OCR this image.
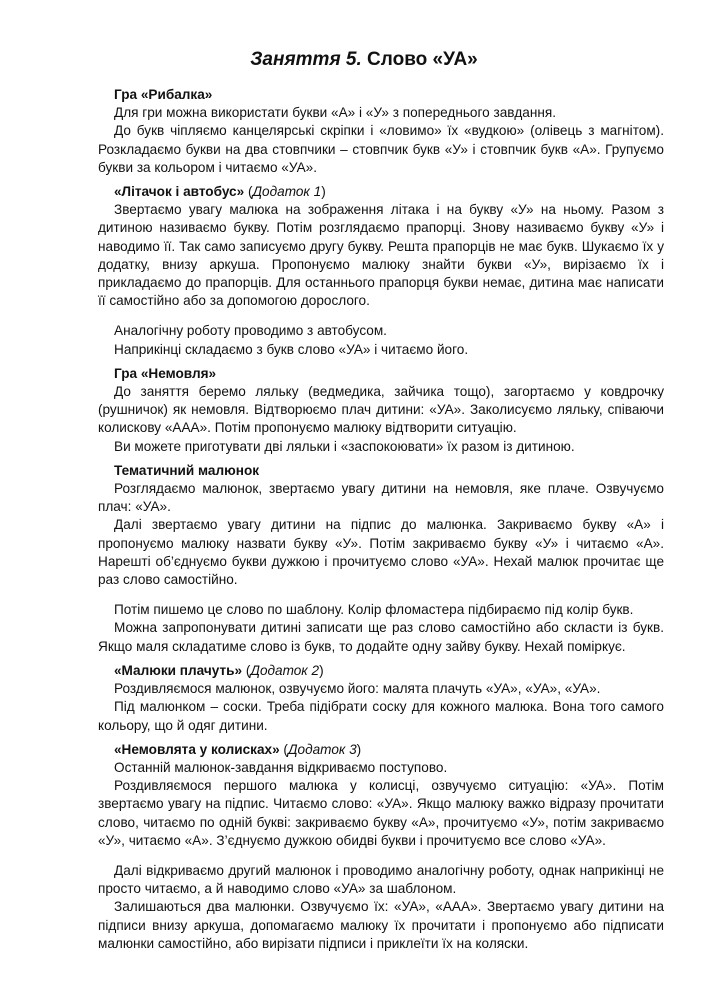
Заняття 5. Слово «УА»

Гра «Рибалка»

Для гри можна використати букви «А» і «У» з попереднього завдання.

До букв чіпляємо канцелярські скріпки і «ловимо» їх «вудкою» (олівець з магнітом). Розкладаємо букви на два стовпчики – стовпчик букв «У» і стовпчик букв «А». Групуємо букви за кольором і читаємо «УА».

«Літачок і автобус» (Додаток 1)

Звертаємо увагу малюка на зображення літака і на букву «У» на ньому. Разом з дитиною називаємо букву. Потім розглядаємо прапорці. Знову називаємо букву «У» і наводимо її. Так само записуємо другу букву. Решта прапорців не має букв. Шукаємо їх у додатку, внизу аркуша. Пропонуємо малюку знайти букви «У», вирізаємо їх і прикладаємо до прапорців. Для останнього прапорця букви немає, дитина має написати її самостійно або за допомогою дорослого.

Аналогічну роботу проводимо з автобусом.

Наприкінці складаємо з букв слово «УА» і читаємо його.

Гра «Немовля»

До заняття беремо ляльку (ведмедика, зайчика тощо), загортаємо у ковдрочку (рушничок) як немовля. Відтворюємо плач дитини: «УА». Заколисуємо ляльку, співаючи колискову «ААА». Потім пропонуємо малюку відтворити ситуацію.

Ви можете приготувати дві ляльки і «заспокоювати» їх разом із дитиною.

Тематичний малюнок

Розглядаємо малюнок, звертаємо увагу дитини на немовля, яке плаче. Озвучуємо плач: «УА».

Далі звертаємо увагу дитини на підпис до малюнка. Закриваємо букву «А» і пропонуємо малюку назвати букву «У». Потім закриваємо букву «У» і читаємо «А». Нарешті об’єднуємо букви дужкою і прочитуємо слово «УА». Нехай малюк прочитає ще раз слово самостійно.

Потім пишемо це слово по шаблону. Колір фломастера підбираємо під колір букв.

Можна запропонувати дитині записати ще раз слово самостійно або скласти із букв. Якщо маля складатиме слово із букв, то додайте одну зайву букву. Нехай поміркує.

«Малюки плачуть» (Додаток 2)

Роздивляємося малюнок, озвучуємо його: малята плачуть «УА», «УА», «УА».

Під малюнком – соски. Треба підібрати соску для кожного малюка. Вона того самого кольору, що й одяг дитини.

«Немовлята у колисках» (Додаток 3)

Останній малюнок-завдання відкриваємо поступово.

Роздивляємося першого малюка у колисці, озвучуємо ситуацію: «УА». Потім звертаємо увагу на підпис. Читаємо слово: «УА». Якщо малюку важко відразу прочитати слово, читаємо по одній букві: закриваємо букву «А», прочитуємо «У», потім закриваємо «У», читаємо «А». З’єднуємо дужкою обидві букви і прочитуємо все слово «УА».

Далі відкриваємо другий малюнок і проводимо аналогічну роботу, однак наприкінці не просто читаємо, а й наводимо слово «УА» за шаблоном.

Залишаються два малюнки. Озвучуємо їх: «УА», «ААА». Звертаємо увагу дитини на підписи внизу аркуша, допомагаємо малюку їх прочитати і пропонуємо або підписати малюнки самостійно, або вирізати підписи і приклеїти їх на коляски.
